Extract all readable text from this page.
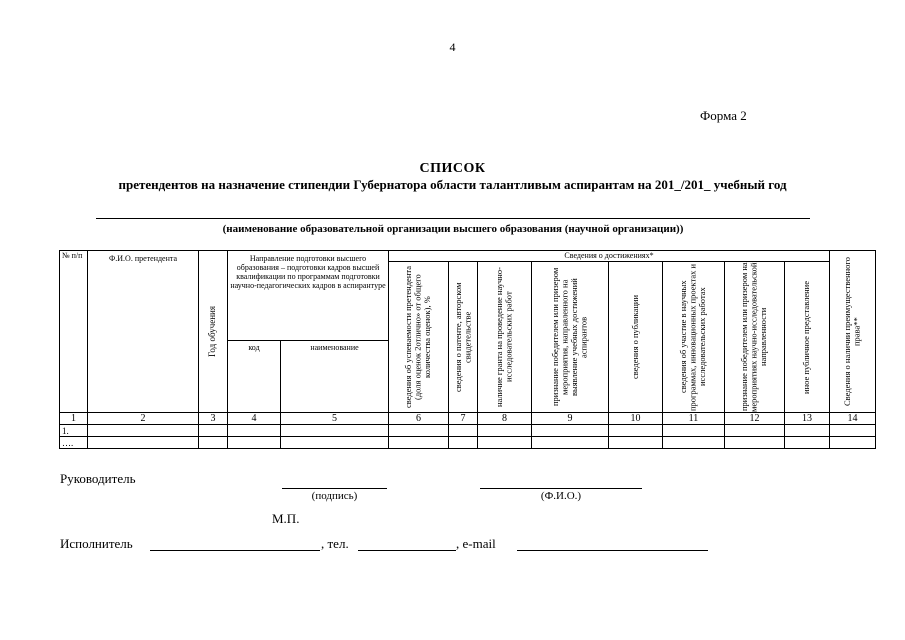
4
Форма 2
СПИСОК
претендентов на назначение стипендии Губернатора области талантливым аспирантам на 201_/201_ учебный год
(наименование образовательной организации высшего образования (научной организации))
№ п/п	Ф.И.О. претендента	Год обучения	Направление подготовки высшего образования – подготовки кадров высшей квалификации по программам подготовки научно-педагогических кадров в аспирантуре		Сведения о достижениях*								Сведения о наличии преимущественного права**

					сведения об успеваемости претендента (доля оценок 2отлично» от общего количества оценок), %	сведения о патенте, авторском свидетельстве	наличие гранта на проведение научно-исследовательских работ	признание победителем или призером мероприятия, направленного на выявление учебных достижений аспирантов	сведения о публикации	сведения об участие в научных программах, инновационных проектах и исследовательских работах	признание победителем или призером на мероприятиях научно-исследовательской направленности	иное публичное представление	

			код	наименование									

1	2	3	4	5	6	7	8	9	10	11	12	13	14
1.													
….													
Руководитель
(подпись)	(Ф.И.О.)
М.П.
Исполнитель	, тел.	, e-mail
